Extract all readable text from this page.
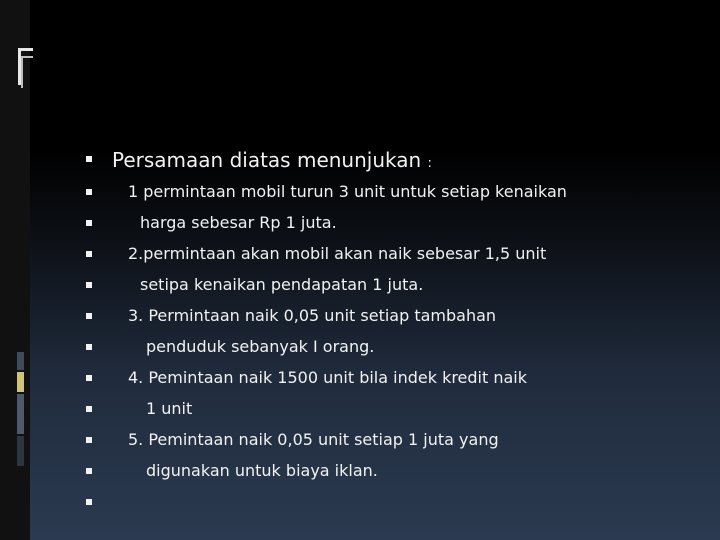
Persamaan diatas menunjukan :
1 permintaan mobil turun 3 unit untuk setiap kenaikan
harga sebesar Rp 1 juta.
2.permintaan akan mobil akan naik sebesar 1,5 unit
setipa kenaikan pendapatan 1 juta.
3. Permintaan naik 0,05 unit setiap tambahan
penduduk sebanyak I orang.
4. Pemintaan naik 1500 unit bila indek kredit naik
1 unit
5. Pemintaan naik 0,05 unit setiap 1 juta yang
digunakan untuk biaya iklan.
